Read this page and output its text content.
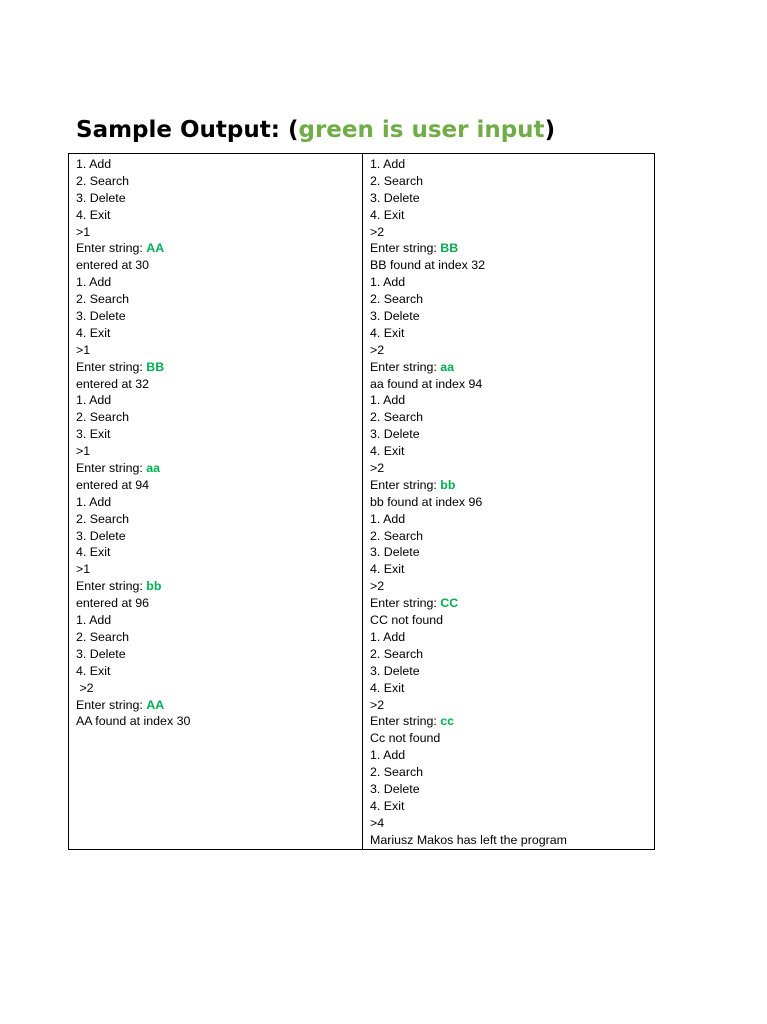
Sample Output: (green is user input)
1. Add
2. Search
3. Delete
4. Exit
>1
Enter string: AA
entered at 30
1. Add
2. Search
3. Delete
4. Exit
>1
Enter string: BB
entered at 32
1. Add
2. Search
3. Exit
>1
Enter string: aa
entered at 94
1. Add
2. Search
3. Delete
4. Exit
>1
Enter string: bb
entered at 96
1. Add
2. Search
3. Delete
4. Exit
>2
Enter string: AA
AA found at index 30

1. Add
2. Search
3. Delete
4. Exit
>2
Enter string: BB
BB found at index 32
1. Add
2. Search
3. Delete
4. Exit
>2
Enter string: aa
aa found at index 94
1. Add
2. Search
3. Delete
4. Exit
>2
Enter string: bb
bb found at index 96
1. Add
2. Search
3. Delete
4. Exit
>2
Enter string: CC
CC not found
1. Add
2. Search
3. Delete
4. Exit
>2
Enter string: cc
Cc not found
1. Add
2. Search
3. Delete
4. Exit
>4
Mariusz Makos has left the program
